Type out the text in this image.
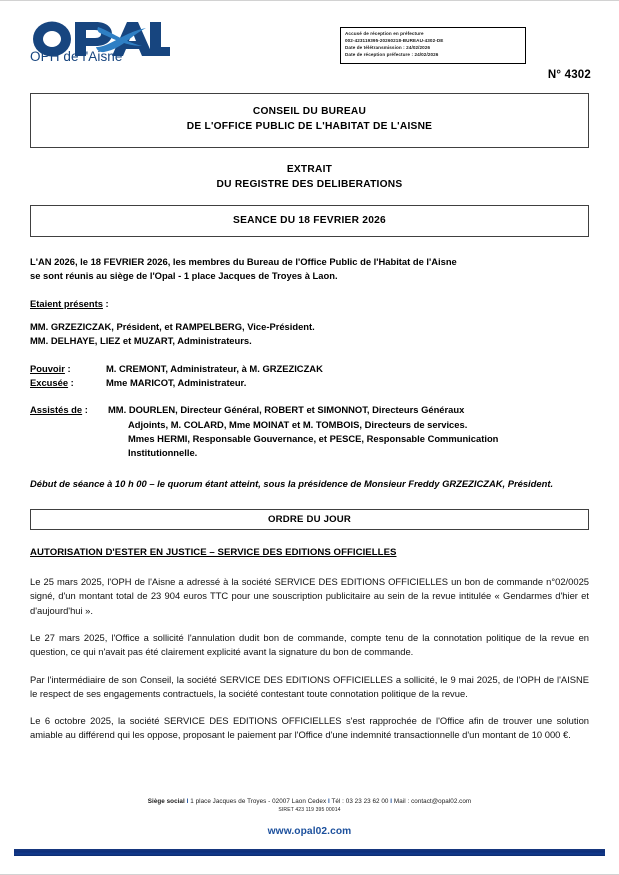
OPH de l'Aisne
Accusé de réception en préfecture
002-423119395-20260218-BUREAU-4302-DE
Date de télétransmission : 24/02/2026
Date de réception préfecture : 24/02/2026
N° 4302
CONSEIL DU BUREAU
DE L'OFFICE PUBLIC DE L'HABITAT DE L'AISNE
EXTRAIT
DU REGISTRE DES DELIBERATIONS
SEANCE DU 18 FEVRIER 2026

L'AN 2026, le 18 FEVRIER 2026, les membres du Bureau de l'Office Public de l'Habitat de l'Aisne
se sont réunis au siège de l'Opal - 1 place Jacques de Troyes à Laon.

Etaient présents :

MM. GRZEZICZAK, Président, et RAMPELBERG, Vice-Président.
MM. DELHAYE, LIEZ et MUZART, Administrateurs.

Pouvoir :	M. CREMONT, Administrateur, à M. GRZEZICZAK
Excusée :	Mme MARICOT, Administrateur.
Assistés de :	MM. DOURLEN, Directeur Général, ROBERT et SIMONNOT, Directeurs Généraux
Adjoints, M. COLARD, Mme MOINAT et M. TOMBOIS, Directeurs de services.
Mmes HERMI, Responsable Gouvernance, et PESCE, Responsable Communication
Institutionnelle.

Début de séance à 10 h 00 – le quorum étant atteint, sous la présidence de Monsieur Freddy GRZEZICZAK, Président.

ORDRE DU JOUR

AUTORISATION D'ESTER EN JUSTICE – SERVICE DES EDITIONS OFFICIELLES

Le 25 mars 2025, l'OPH de l'Aisne a adressé à la société SERVICE DES EDITIONS OFFICIELLES un bon de commande n°02/0025 signé, d'un montant total de 23 904 euros TTC pour une souscription publicitaire au sein de la revue intitulée « Gendarmes d'hier et d'aujourd'hui ».

Le 27 mars 2025, l'Office a sollicité l'annulation dudit bon de commande, compte tenu de la connotation politique de la revue en question, ce qui n'avait pas été clairement explicité avant la signature du bon de commande.

Par l'intermédiaire de son Conseil, la société SERVICE DES EDITIONS OFFICIELLES a sollicité, le 9 mai 2025, de l'OPH de l'AISNE le respect de ses engagements contractuels, la société contestant toute connotation politique de la revue.

Le 6 octobre 2025, la société SERVICE DES EDITIONS OFFICIELLES s'est rapprochée de l'Office afin de trouver une solution amiable au différend qui les oppose, proposant le paiement par l'Office d'une indemnité transactionnelle d'un montant de 10 000 €.

Siège social I 1 place Jacques de Troyes - 02007 Laon Cedex I Tél : 03 23 23 62 00 I Mail : contact@opal02.com
SIRET 423 119 395 00014
www.opal02.com
